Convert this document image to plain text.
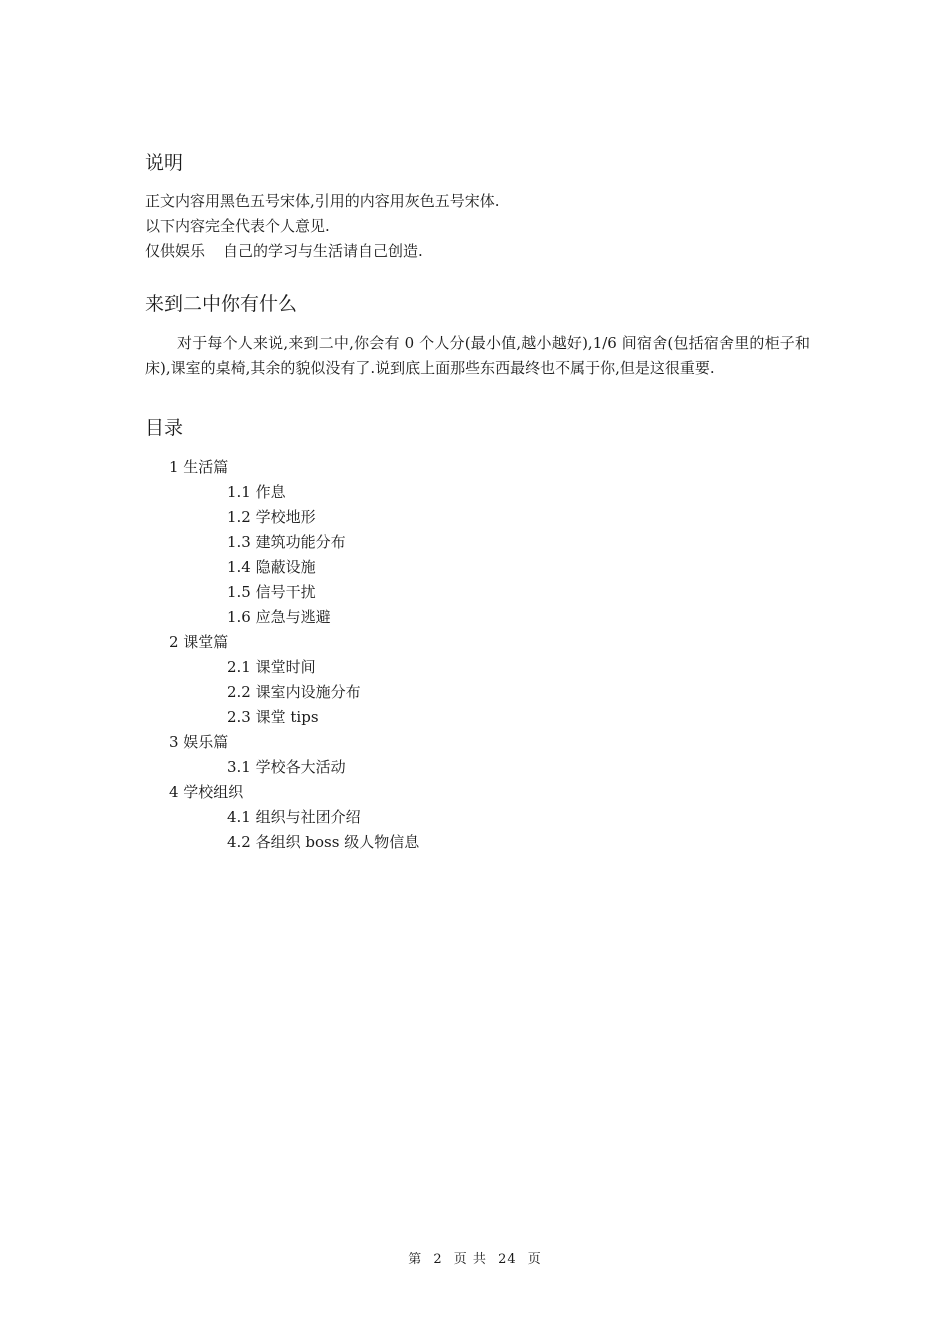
说明
正文内容用黑色五号宋体,引用的内容用灰色五号宋体.
以下内容完全代表个人意见.
仅供娱乐 自己的学习与生活请自己创造.
来到二中你有什么

对于每个人来说,来到二中,你会有 0 个人分(最小值,越小越好),1/6 间宿舍(包括宿舍里的柜子和床),课室的桌椅,其余的貌似没有了.说到底上面那些东西最终也不属于你,但是这很重要.

目录
1 生活篇
1.1 作息
1.2 学校地形
1.3 建筑功能分布
1.4 隐蔽设施
1.5 信号干扰
1.6 应急与逃避
2 课堂篇
2.1 课堂时间
2.2 课室内设施分布
2.3 课堂 tips
3 娱乐篇
3.1 学校各大活动
4 学校组织
4.1 组织与社团介绍
4.2 各组织 boss 级人物信息
第 2 页 共 24 页
